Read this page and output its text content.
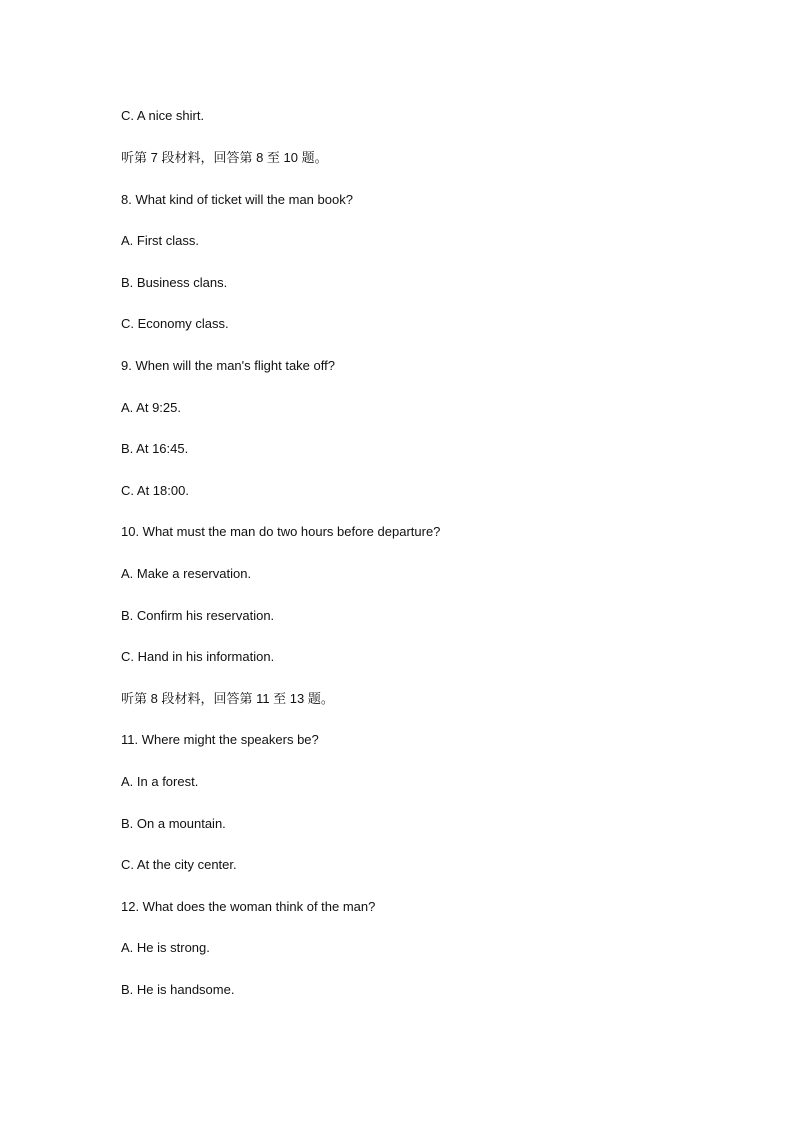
C. A nice shirt.
听第 7 段材料，回答第 8 至 10 题。
8. What kind of ticket will the man book?
A. First class.
B. Business clans.
C. Economy class.
9. When will the man's flight take off?
A. At 9:25.
B. At 16:45.
C. At 18:00.
10. What must the man do two hours before departure?
A. Make a reservation.
B. Confirm his reservation.
C. Hand in his information.
听第 8 段材料，回答第 11 至 13 题。
11. Where might the speakers be?
A. In a forest.
B. On a mountain.
C. At the city center.
12. What does the woman think of the man?
A. He is strong.
B. He is handsome.
